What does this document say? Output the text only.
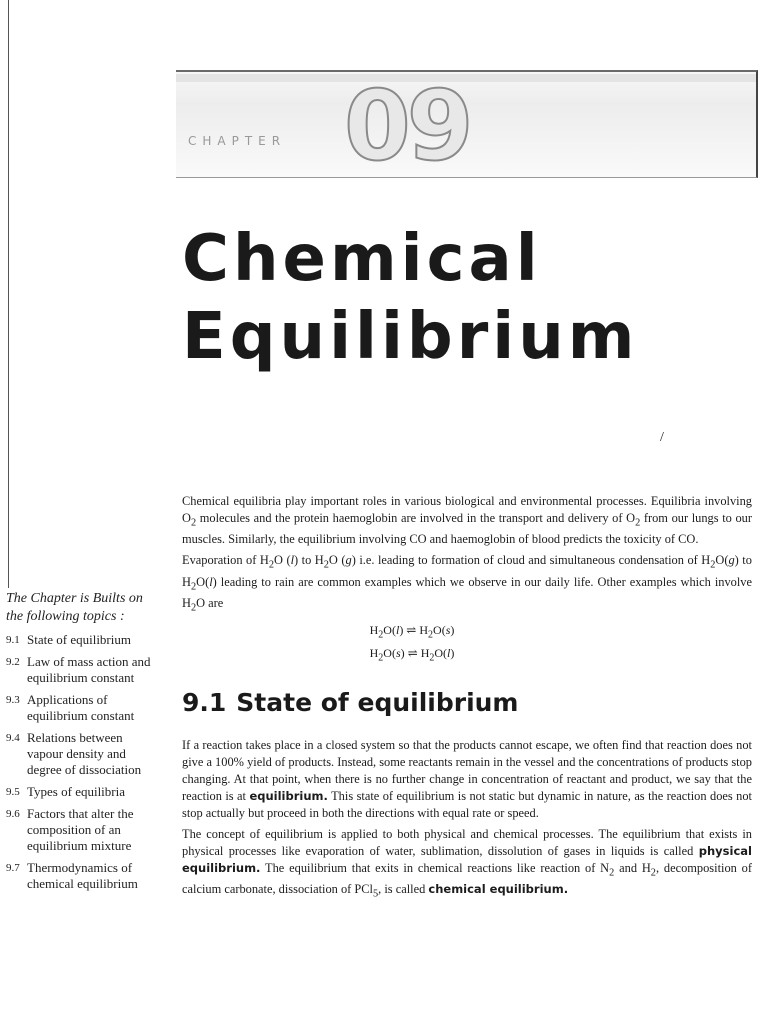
CHAPTER 09
Chemical
Equilibrium
/

Chemical equilibria play important roles in various biological and environmental processes. Equilibria involving $O_2$ molecules and the protein haemoglobin are involved in the transport and delivery of $O_2$ from our lungs to our muscles. Similarly, the equilibrium involving CO and haemoglobin of blood predicts the toxicity of CO.

Evaporation of $H_2O$ (l) to $H_2O$ (g) i.e. leading to formation of cloud and simultaneous condensation of $H_2O(g)$ to $H_2O(l)$ leading to rain are common examples which we observe in our daily life. Other examples which involve $H_2O$ are

$H_2O(l)$ ⇌ $H_2O(s)$
$H_2O(s)$ ⇌ $H_2O(l)$
The Chapter is Builts on
the following topics :
9.1 State of equilibrium
9.2 Law of mass action and equilibrium constant
9.3 Applications of equilibrium constant
9.4 Relations between vapour density and degree of dissociation
9.5 Types of equilibria
9.6 Factors that alter the composition of an equilibrium mixture
9.7 Thermodynamics of chemical equilibrium
9.1 State of equilibrium

If a reaction takes place in a closed system so that the products cannot escape, we often find that reaction does not give a 100% yield of products. Instead, some reactants remain in the vessel and the concentrations of products stop changing. At that point, when there is no further change in concentration of reactant and product, we say that the reaction is at equilibrium. This state of equilibrium is not static but dynamic in nature, as the reaction does not stop actually but proceed in both the directions with equal rate or speed.

The concept of equilibrium is applied to both physical and chemical processes. The equilibrium that exists in physical processes like evaporation of water, sublimation, dissolution of gases in liquids is called physical equilibrium. The equilibrium that exits in chemical reactions like reaction of $N_2$ and $H_2$, decomposition of calcium carbonate, dissociation of PCl$_5$, is called chemical equilibrium.
